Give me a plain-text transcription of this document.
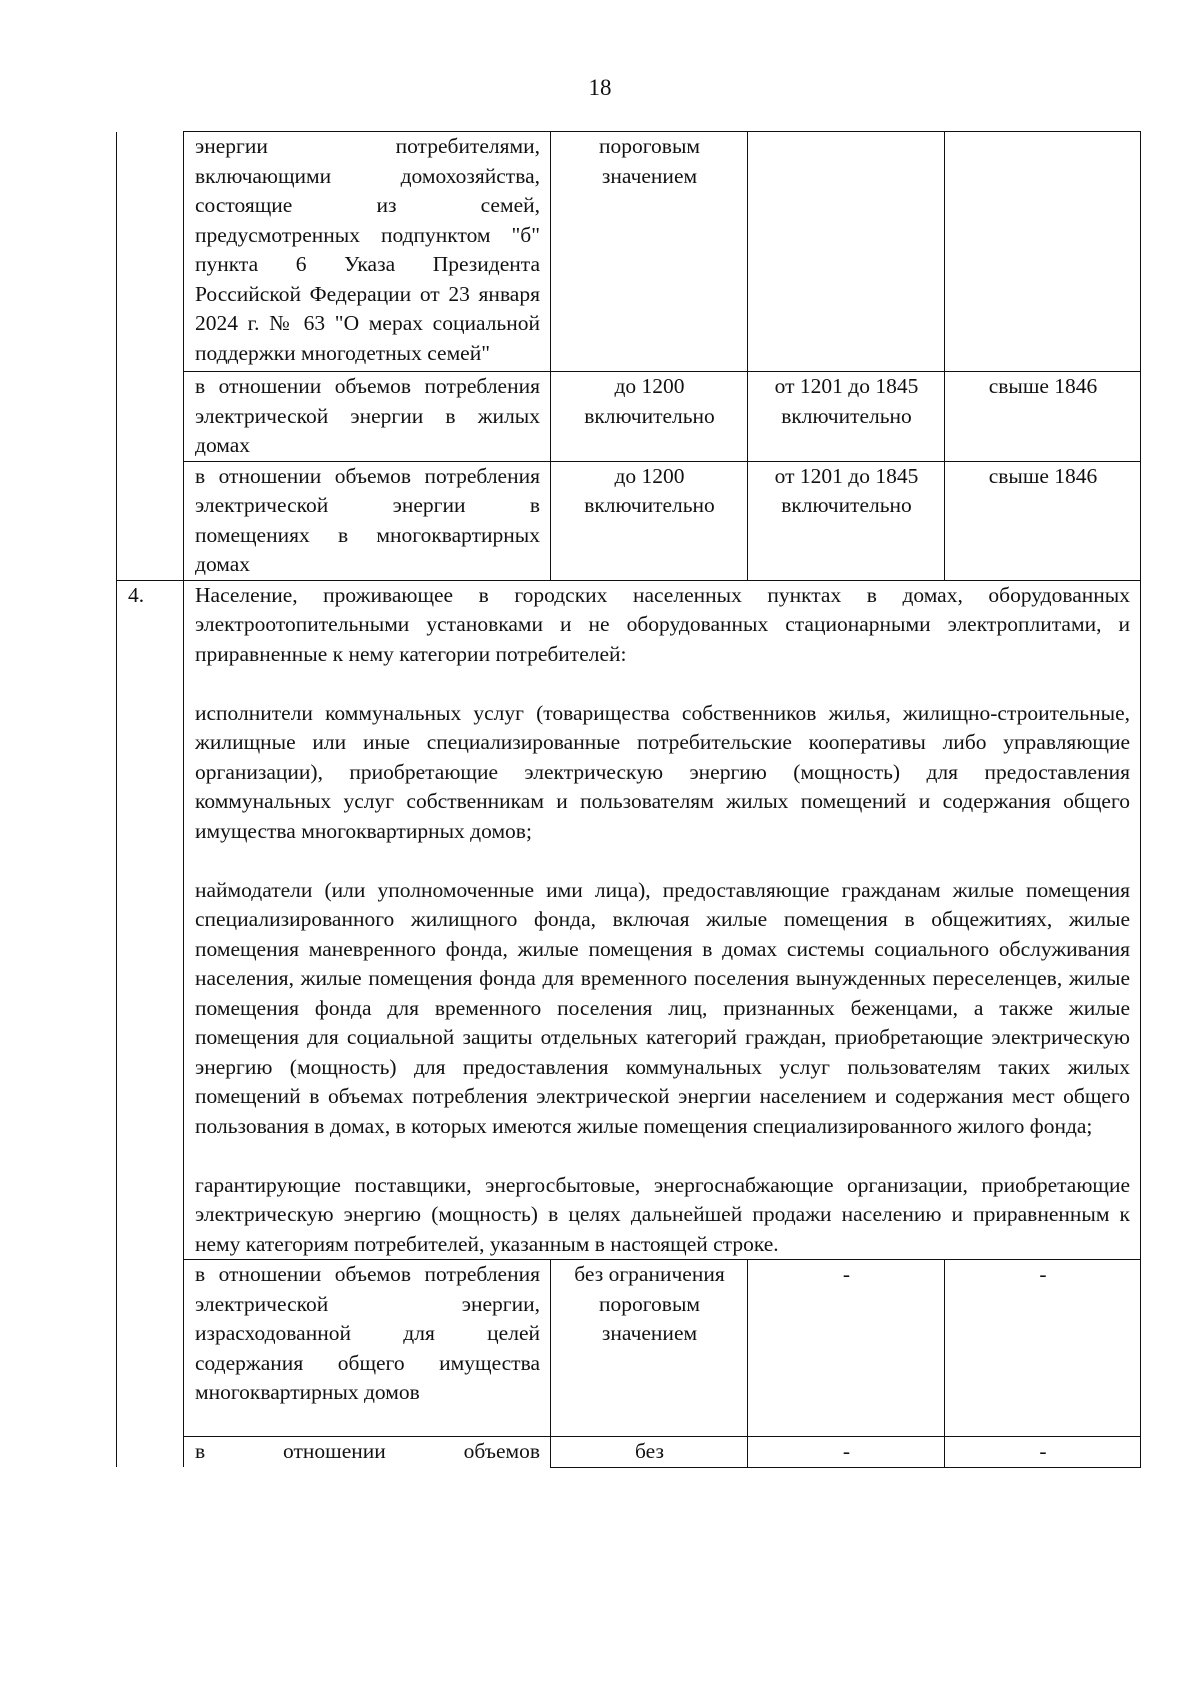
18
	энергии потребителями, включающими домохозяйства, состоящие из семей, предусмотренных подпунктом "б" пункта 6 Указа Президента Российской Федерации от 23 января 2024 г. № 63 "О мерах социальной поддержки многодетных семей"	пороговым значением		
	в отношении объемов потребления электрической энергии в жилых домах	до 1200 включительно	от 1201 до 1845 включительно	свыше 1846
	в отношении объемов потребления электрической энергии в помещениях в многоквартирных домах	до 1200 включительно	от 1201 до 1845 включительно	свыше 1846
4.	Население, проживающее в городских населенных пунктах в домах, оборудованных электроотопительными установками и не оборудованных стационарными электроплитами, и приравненные к нему категории потребителей:

исполнители коммунальных услуг (товарищества собственников жилья, жилищно-строительные, жилищные или иные специализированные потребительские кооперативы либо управляющие организации), приобретающие электрическую энергию (мощность) для предоставления коммунальных услуг собственникам и пользователям жилых помещений и содержания общего имущества многоквартирных домов;

наймодатели (или уполномоченные ими лица), предоставляющие гражданам жилые помещения специализированного жилищного фонда, включая жилые помещения в общежитиях, жилые помещения маневренного фонда, жилые помещения в домах системы социального обслуживания населения, жилые помещения фонда для временного поселения вынужденных переселенцев, жилые помещения фонда для временного поселения лиц, признанных беженцами, а также жилые помещения для социальной защиты отдельных категорий граждан, приобретающие электрическую энергию (мощность) для предоставления коммунальных услуг пользователям таких жилых помещений в объемах потребления электрической энергии населением и содержания мест общего пользования в домах, в которых имеются жилые помещения специализированного жилого фонда;

гарантирующие поставщики, энергосбытовые, энергоснабжающие организации, приобретающие электрическую энергию (мощность) в целях дальнейшей продажи населению и приравненным к нему категориям потребителей, указанным в настоящей строке.			

	в отношении объемов потребления электрической энергии, израсходованной для целей содержания общего имущества многоквартирных домов	без ограничения пороговым значением	-	-
	в отношении объемов	без	-	-
